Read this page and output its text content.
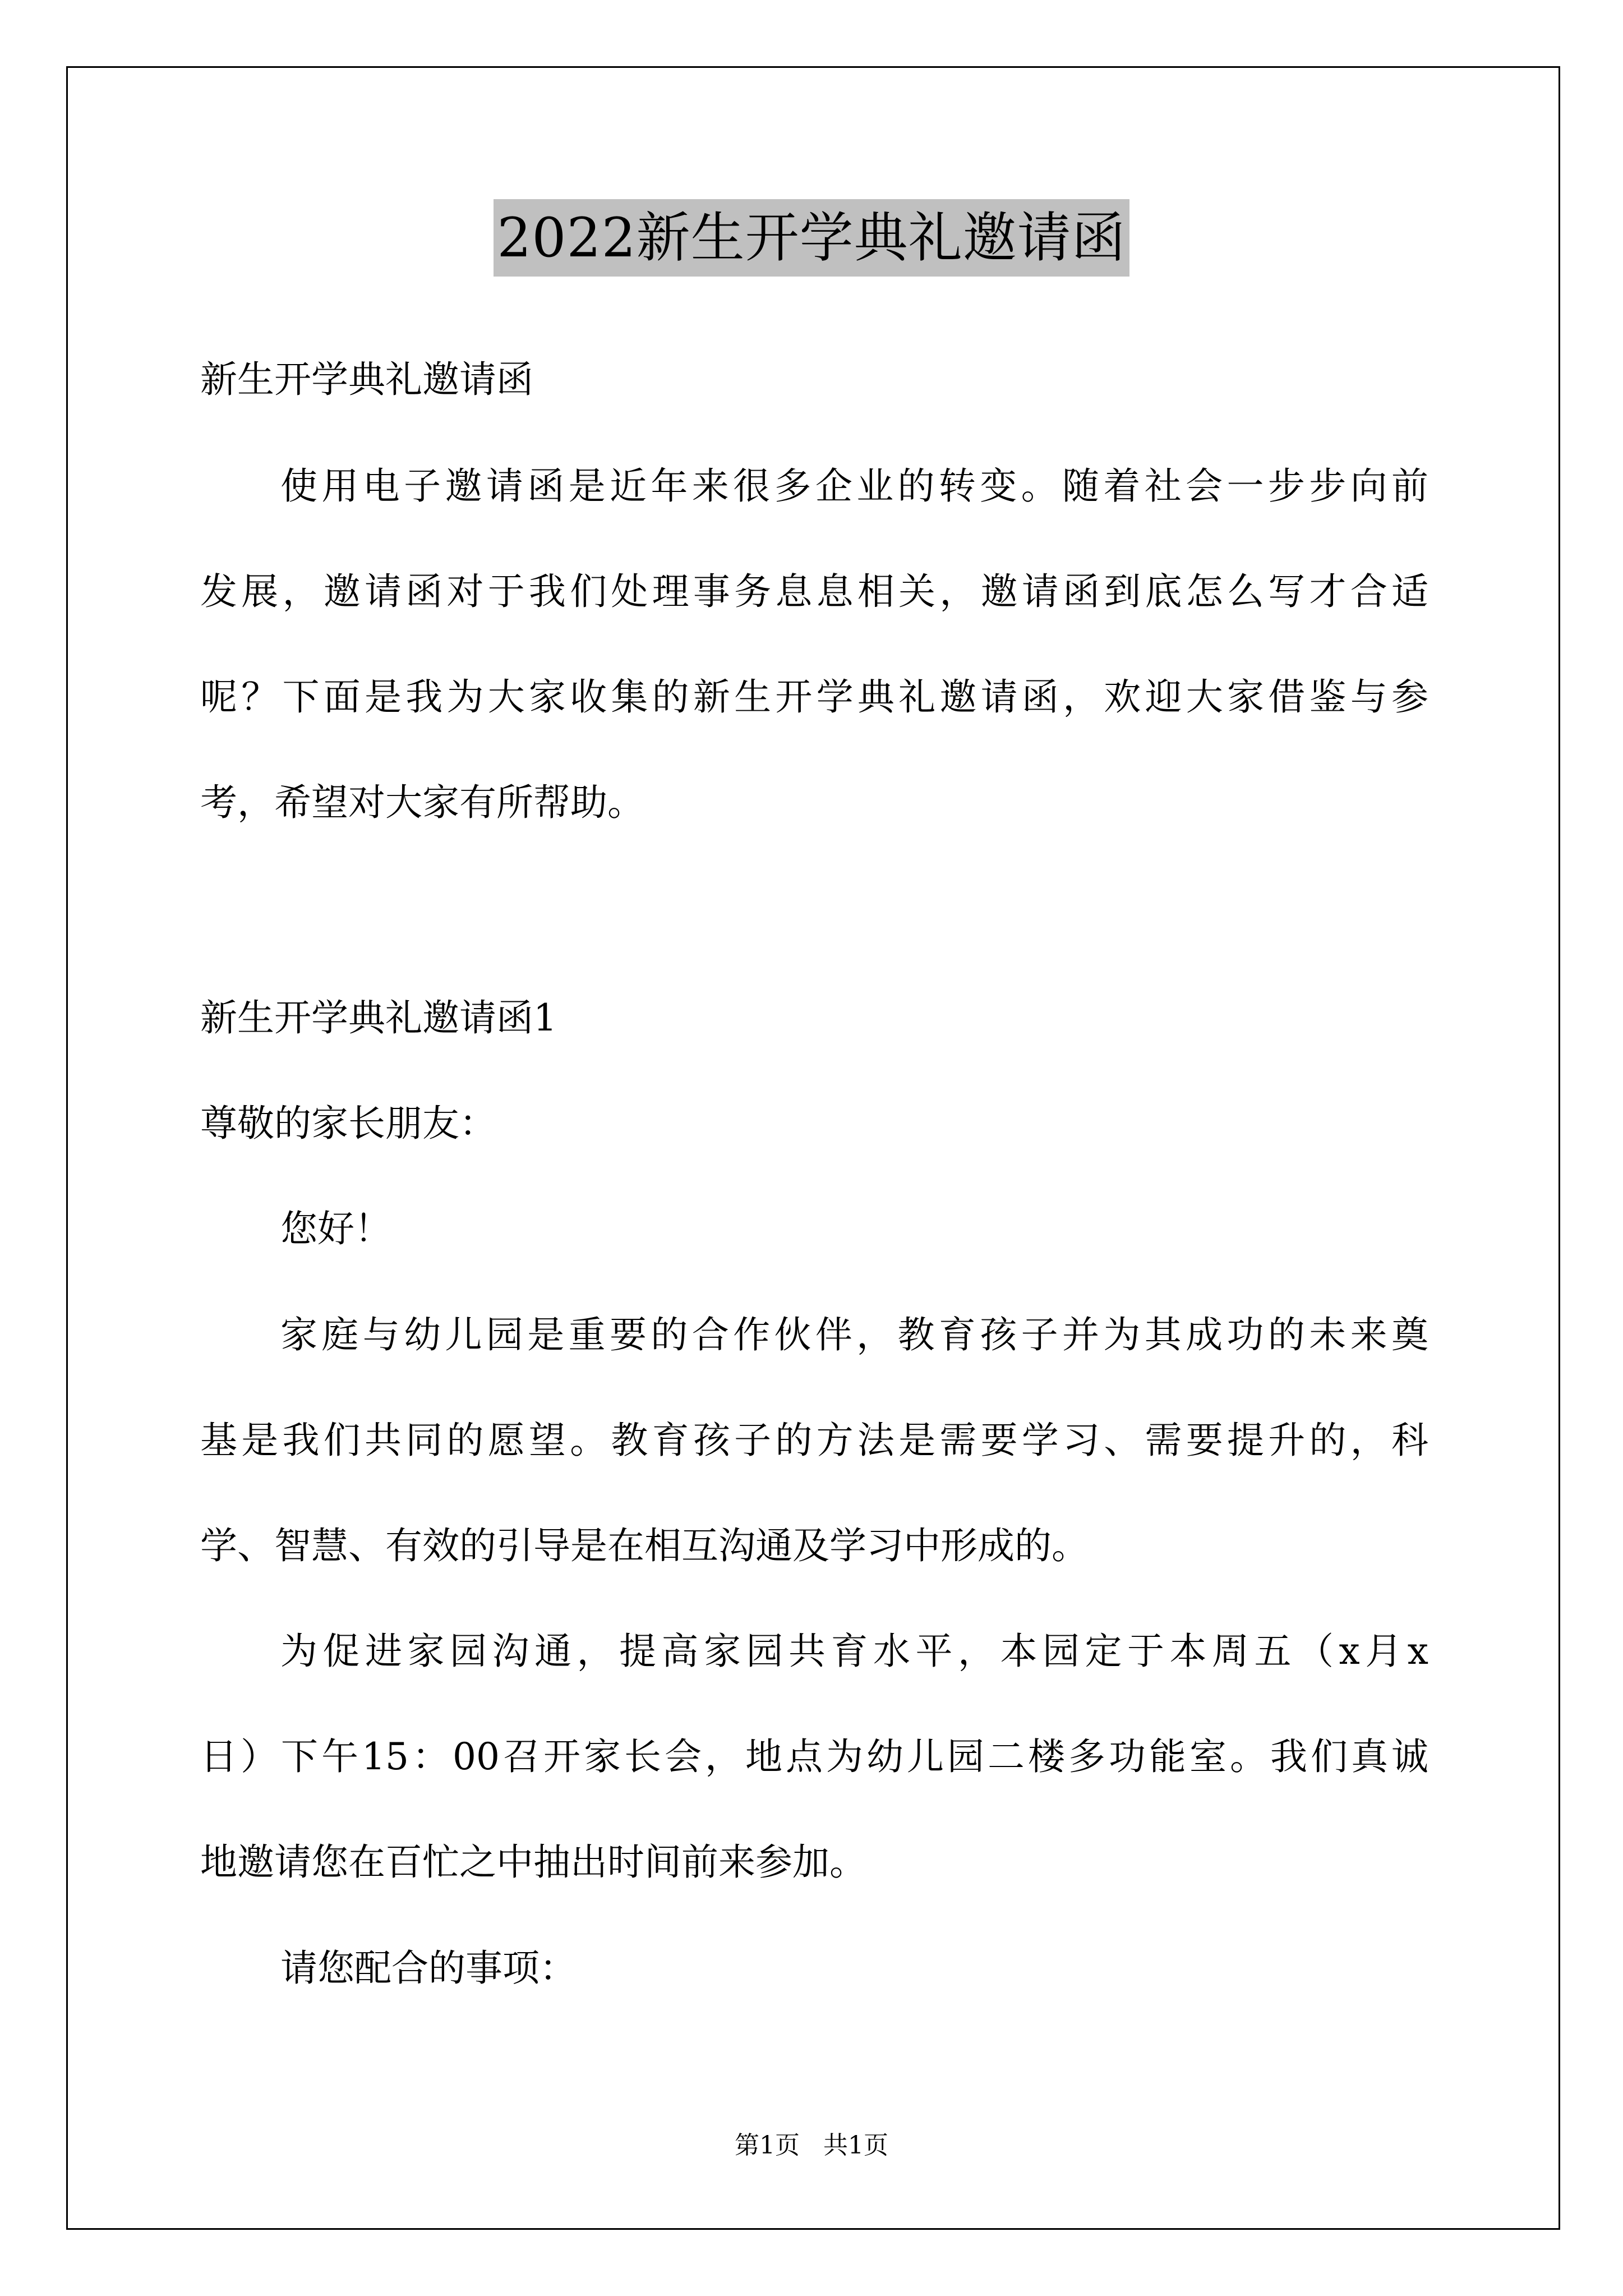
2022新生开学典礼邀请函
新生开学典礼邀请函
使用电子邀请函是近年来很多企业的转变。随着社会一步步向前
发展，邀请函对于我们处理事务息息相关，邀请函到底怎么写才合适
呢？下面是我为大家收集的新生开学典礼邀请函，欢迎大家借鉴与参
考，希望对大家有所帮助。
新生开学典礼邀请函1
尊敬的家长朋友：
您好！
家庭与幼儿园是重要的合作伙伴，教育孩子并为其成功的未来奠
基是我们共同的愿望。教育孩子的方法是需要学习、需要提升的，科
学、智慧、有效的引导是在相互沟通及学习中形成的。
为促进家园沟通，提高家园共育水平，本园定于本周五（x月x
日）下午15：00召开家长会，地点为幼儿园二楼多功能室。我们真诚
地邀请您在百忙之中抽出时间前来参加。
请您配合的事项：
第1页   共1页
